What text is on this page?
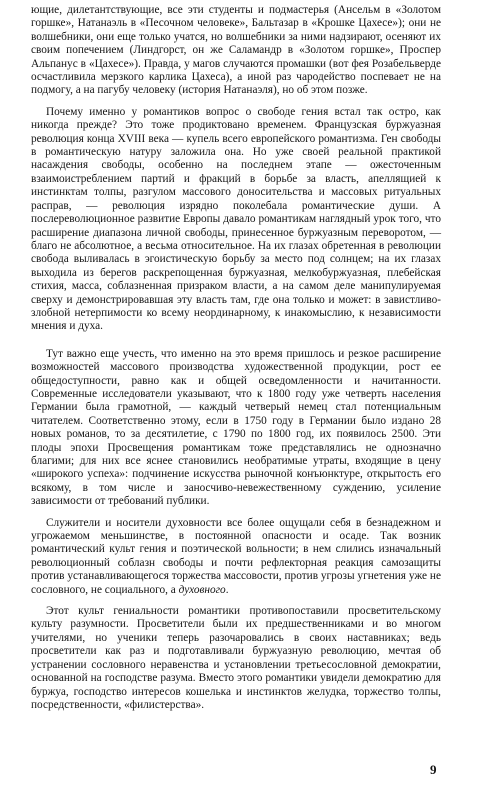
ющие, дилетантствующие, все эти студенты и подмастерья (Ансельм в «Золотом горшке», Натанаэль в «Песочном человеке», Бальтазар в «Крошке Цахесе»); они не волшебники, они еще только учатся, но волшебники за ними надзирают, осеняют их своим попечением (Линдгорст, он же Саламандр в «Золотом горшке», Проспер Альпанус в «Цахесе»). Правда, у магов случаются промашки (вот фея Розабельверде осчастливила мерзкого карлика Цахеса), а иной раз чародейство поспевает не на подмогу, а на пагубу человеку (история Натанаэля), но об этом позже.

Почему именно у романтиков вопрос о свободе гения встал так остро, как никогда прежде? Это тоже продиктовано временем. Французская буржуазная революция конца XVIII века — купель всего европейского романтизма. Ген свободы в романтическую натуру заложила она. Но уже своей реальной практикой насаждения свободы, особенно на последнем этапе — ожесточенным взаимоистреблением партий и фракций в борьбе за власть, апеллящией к инстинктам толпы, разгулом массового доносительства и массовых ритуальных расправ, — революция изрядно поколебала романтические души. А послереволюционное развитие Европы давало романтикам наглядный урок того, что расширение диапазона личной свободы, принесенное буржуазным переворотом, — благо не абсолютное, а весьма относительное. На их глазах обретенная в революции свобода выливалась в эгоистическую борьбу за место под солнцем; на их глазах выходила из берегов раскрепощенная буржуазная, мелкобуржуазная, плебейская стихия, масса, соблазненная призраком власти, а на самом деле манипулируемая сверху и демонстрировавшая эту власть там, где она только и может: в завистливо-злобной нетерпимости ко всему неординарному, к инакомыслию, к независимости мнения и духа.

Тут важно еще учесть, что именно на это время пришлось и резкое расширение возможностей массового производства художественной продукции, рост ее общедоступности, равно как и общей осведомленности и начитанности. Современные исследователи указывают, что к 1800 году уже четверть населения Германии была грамотной, — каждый четверый немец стал потенциальным читателем. Соответственно этому, если в 1750 году в Германии было издано 28 новых романов, то за десятилетие, с 1790 по 1800 год, их появилось 2500. Эти плоды эпохи Просвещения романтикам тоже представлялись не однозначно благими; для них все яснее становились необратимые утраты, входящие в цену «широкого успеха»: подчинение искусства рыночной конъюнктуре, открытость его всякому, в том числе и заносчиво-невежественному суждению, усиление зависимости от требований публики.

Служители и носители духовности все более ощущали себя в безнадежном и угрожаемом меньшинстве, в постоянной опасности и осаде. Так возник романтический культ гения и поэтической вольности; в нем слились изначальный революционный соблазн свободы и почти рефлекторная реакция самозащиты против устанавливающегося торжества массовости, против угрозы угнетения уже не сословного, не социального, а духовного.

Этот культ гениальности романтики противопоставили просветительскому культу разумности. Просветители были их предшественниками и во многом учителями, но ученики теперь разочаровались в своих наставниках; ведь просветители как раз и подготавливали буржуазную революцию, мечтая об устранении сословного неравенства и установлении третьесословной демократии, основанной на господстве разума. Вместо этого романтики увидели демократию для буржуа, господство интересов кошелька и инстинктов желудка, торжество толпы, посредственности, «филистерства».

9
